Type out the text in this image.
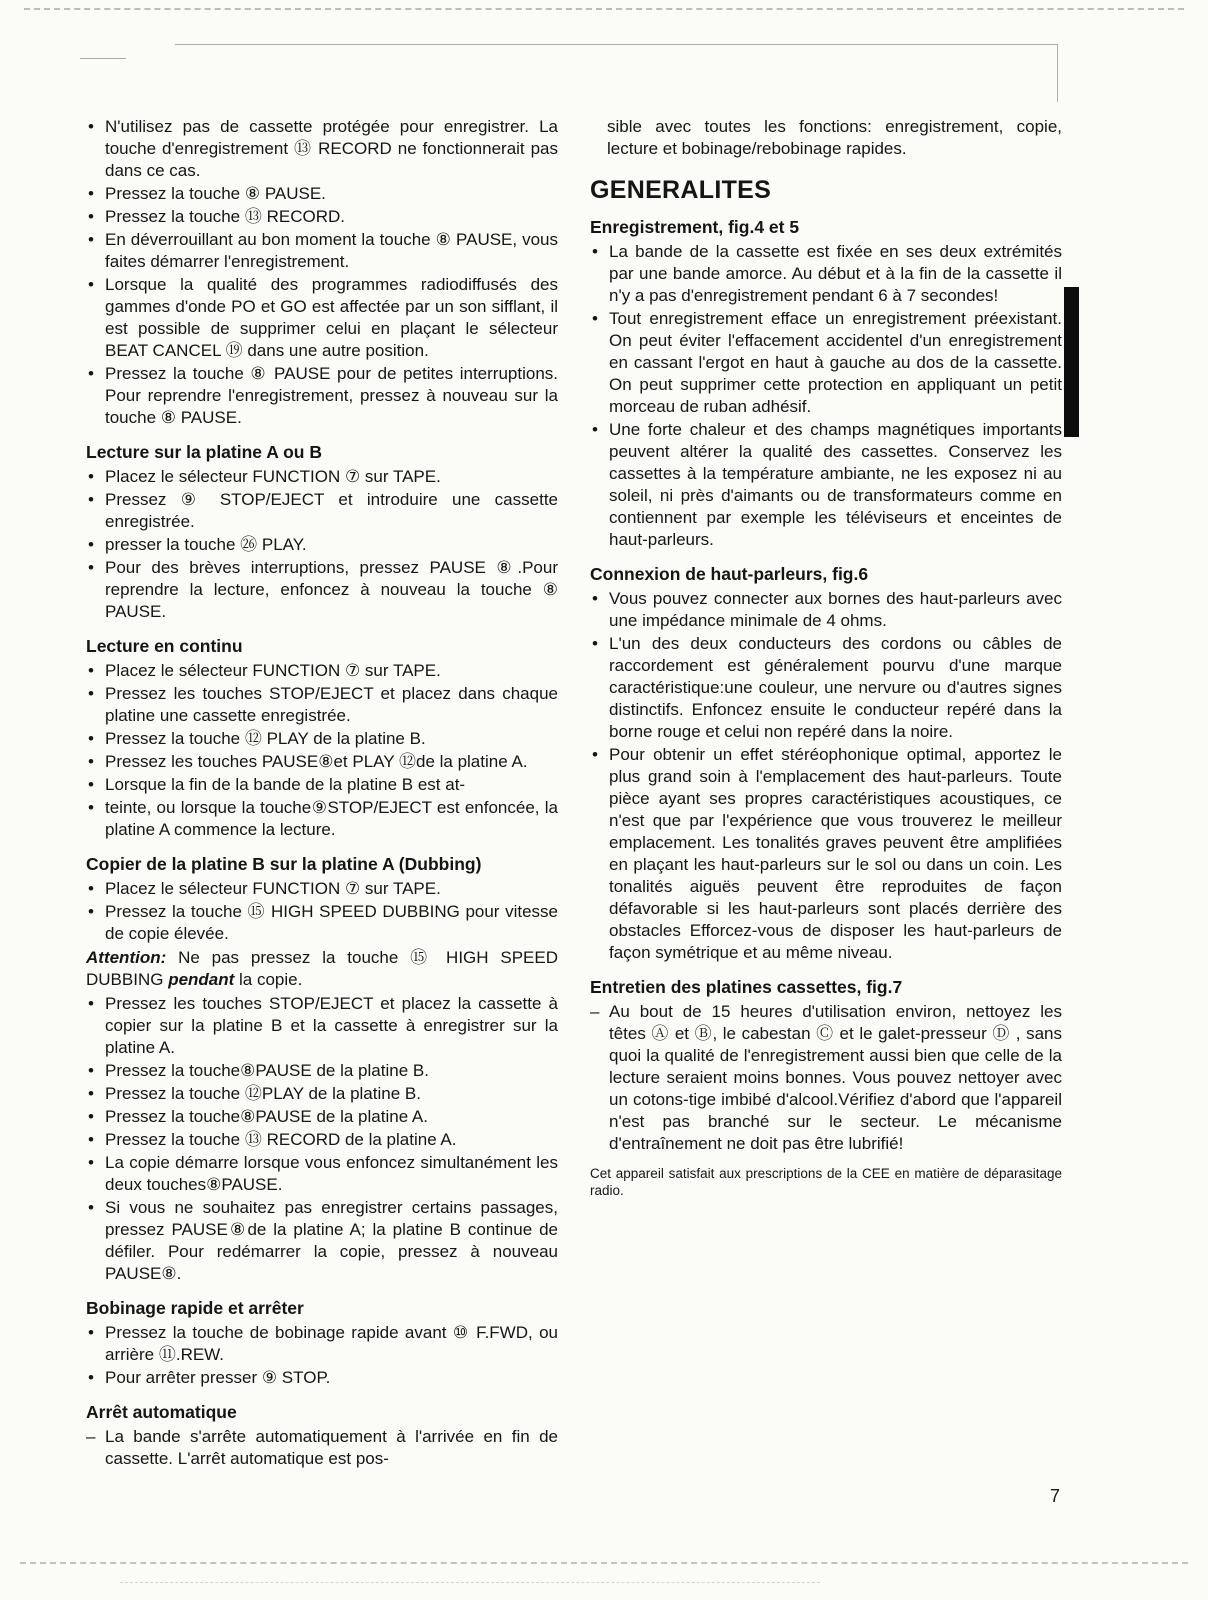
• N'utilisez pas de cassette protégée pour enregistrer. La touche d'enregistrement ⑬ RECORD ne fonctionnerait pas dans ce cas.
• Pressez la touche ⑧ PAUSE.
• Pressez la touche ⑬ RECORD.
• En déverrouillant au bon moment la touche ⑧ PAUSE, vous faites démarrer l'enregistrement.
• Lorsque la qualité des programmes radiodiffusés des gammes d'onde PO et GO est affectée par un son sifflant, il est possible de supprimer celui en plaçant le sélecteur BEAT CANCEL ⑲ dans une autre position.
• Pressez la touche ⑧ PAUSE pour de petites interruptions. Pour reprendre l'enregistrement, pressez à nouveau sur la touche ⑧ PAUSE.
Lecture sur la platine A ou B
• Placez le sélecteur FUNCTION ⑦ sur TAPE.
• Pressez ⑨ STOP/EJECT et introduire une cassette enregistrée.
• presser la touche ㉖ PLAY.
• Pour des brèves interruptions, pressez PAUSE ⑧.Pour reprendre la lecture, enfoncez à nouveau la touche ⑧ PAUSE.
Lecture en continu
• Placez le sélecteur FUNCTION ⑦ sur TAPE.
• Pressez les touches STOP/EJECT et placez dans chaque platine une cassette enregistrée.
• Pressez la touche ⑫ PLAY de la platine B.
• Pressez les touches PAUSE⑧et PLAY ⑫de la platine A.
• Lorsque la fin de la bande de la platine B est at-
• teinte, ou lorsque la touche⑨STOP/EJECT est enfoncée, la platine A commence la lecture.
Copier de la platine B sur la platine A (Dubbing)
• Placez le sélecteur FUNCTION ⑦ sur TAPE.
• Pressez la touche ⑮ HIGH SPEED DUBBING pour vitesse de copie élevée.

Attention: Ne pas pressez la touche ⑮ HIGH SPEED DUBBING pendant la copie.

• Pressez les touches STOP/EJECT et placez la cassette à copier sur la platine B et la cassette à enregistrer sur la platine A.
• Pressez la touche⑧PAUSE de la platine B.
• Pressez la touche ⑫PLAY de la platine B.
• Pressez la touche⑧PAUSE de la platine A.
• Pressez la touche ⑬ RECORD de la platine A.
• La copie démarre lorsque vous enfoncez simultanément les deux touches⑧PAUSE.
• Si vous ne souhaitez pas enregistrer certains passages, pressez PAUSE⑧de la platine A; la platine B continue de défiler. Pour redémarrer la copie, pressez à nouveau PAUSE⑧.
Bobinage rapide et arrêter
• Pressez la touche de bobinage rapide avant ⑩ F.FWD, ou arrière ⑪.REW.
• Pour arrêter presser ⑨ STOP.
Arrêt automatique
– La bande s'arrête automatiquement à l'arrivée en fin de cassette. L'arrêt automatique est pos-

sible avec toutes les fonctions: enregistrement, copie, lecture et bobinage/rebobinage rapides.

GENERALITES
Enregistrement, fig.4 et 5
• La bande de la cassette est fixée en ses deux extrémités par une bande amorce. Au début et à la fin de la cassette il n'y a pas d'enregistrement pendant 6 à 7 secondes!
• Tout enregistrement efface un enregistrement préexistant. On peut éviter l'effacement accidentel d'un enregistrement en cassant l'ergot en haut à gauche au dos de la cassette. On peut supprimer cette protection en appliquant un petit morceau de ruban adhésif.
• Une forte chaleur et des champs magnétiques importants peuvent altérer la qualité des cassettes. Conservez les cassettes à la température ambiante, ne les exposez ni au soleil, ni près d'aimants ou de transformateurs comme en contiennent par exemple les téléviseurs et enceintes de haut-parleurs.
Connexion de haut-parleurs, fig.6
• Vous pouvez connecter aux bornes des haut-parleurs avec une impédance minimale de 4 ohms.
• L'un des deux conducteurs des cordons ou câbles de raccordement est généralement pourvu d'une marque caractéristique:une couleur, une nervure ou d'autres signes distinctifs. Enfoncez ensuite le conducteur repéré dans la borne rouge et celui non repéré dans la noire.
• Pour obtenir un effet stéréophonique optimal, apportez le plus grand soin à l'emplacement des haut-parleurs. Toute pièce ayant ses propres caractéristiques acoustiques, ce n'est que par l'expérience que vous trouverez le meilleur emplacement. Les tonalités graves peuvent être amplifiées en plaçant les haut-parleurs sur le sol ou dans un coin. Les tonalités aiguës peuvent être reproduites de façon défavorable si les haut-parleurs sont placés derrière des obstacles Efforcez-vous de disposer les haut-parleurs de façon symétrique et au même niveau.
Entretien des platines cassettes, fig.7
– Au bout de 15 heures d'utilisation environ, nettoyez les têtes Ⓐ et Ⓑ, le cabestan Ⓒ et le galet-presseur Ⓓ , sans quoi la qualité de l'enregistrement aussi bien que celle de la lecture seraient moins bonnes. Vous pouvez nettoyer avec un cotons-tige imbibé d'alcool.Vérifiez d'abord que l'appareil n'est pas branché sur le secteur. Le mécanisme d'entraînement ne doit pas être lubrifié!

Cet appareil satisfait aux prescriptions de la CEE en matière de déparasitage radio.

7
